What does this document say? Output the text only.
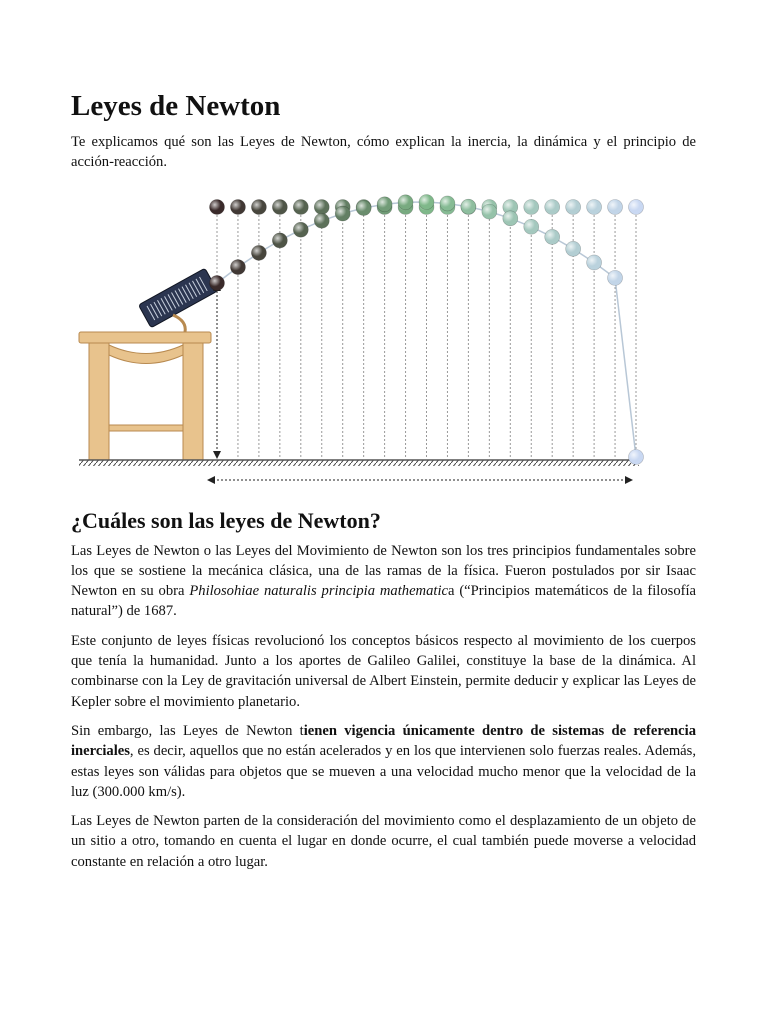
Leyes de Newton

Te explicamos qué son las Leyes de Newton, cómo explican la inercia, la dinámica y el principio de acción-reacción.

¿Cuáles son las leyes de Newton?

Las Leyes de Newton o las Leyes del Movimiento de Newton son los tres principios fundamentales sobre los que se sostiene la mecánica clásica, una de las ramas de la física. Fueron postulados por sir Isaac Newton en su obra Philosohiae naturalis principia mathematica (“Principios matemáticos de la filosofía natural”) de 1687.

Este conjunto de leyes físicas revolucionó los conceptos básicos respecto al movimiento de los cuerpos que tenía la humanidad. Junto a los aportes de Galileo Galilei, constituye la base de la dinámica. Al combinarse con la Ley de gravitación universal de Albert Einstein, permite deducir y explicar las Leyes de Kepler sobre el movimiento planetario.

Sin embargo, las Leyes de Newton tienen vigencia únicamente dentro de sistemas de referencia inerciales, es decir, aquellos que no están acelerados y en los que intervienen solo fuerzas reales. Además, estas leyes son válidas para objetos que se mueven a una velocidad mucho menor que la velocidad de la luz (300.000 km/s).

Las Leyes de Newton parten de la consideración del movimiento como el desplazamiento de un objeto de un sitio a otro, tomando en cuenta el lugar en donde ocurre, el cual también puede moverse a velocidad constante en relación a otro lugar.
